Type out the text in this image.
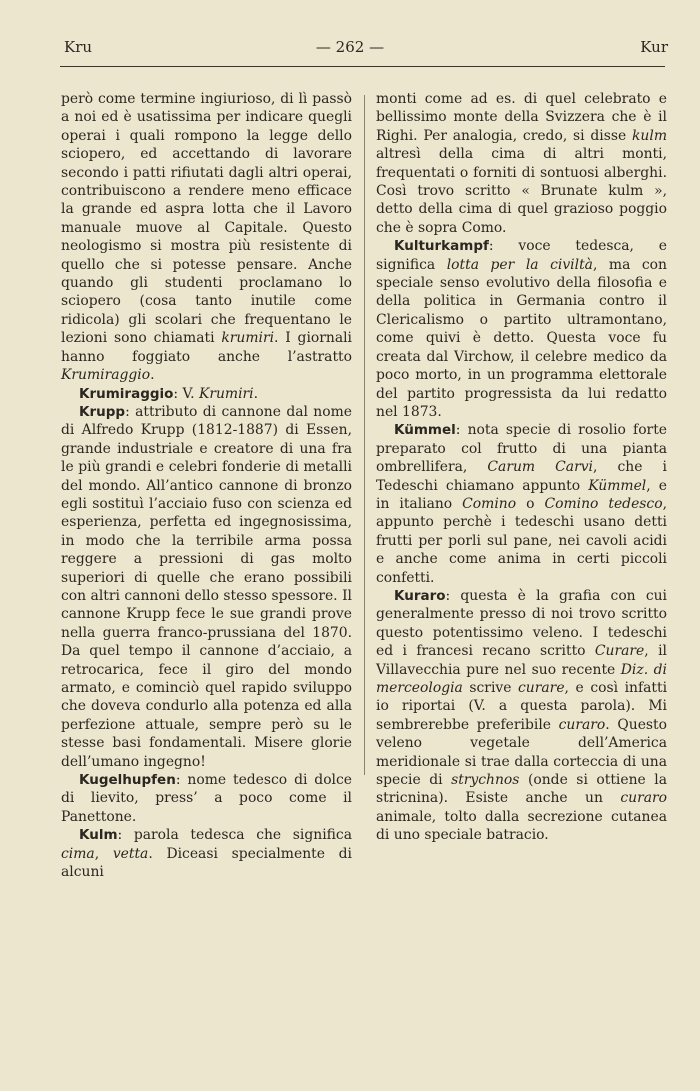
Kru	— 262 —	Kur

però come termine ingiurioso, di lì passò a noi ed è usatissima per indicare quegli operai i quali rompono la legge dello sciopero, ed accettando di lavorare secondo i patti rifiutati dagli altri operai, contribuiscono a rendere meno efficace la grande ed aspra lotta che il Lavoro manuale muove al Capitale. Questo neologismo si mostra più resistente di quello che si potesse pensare. Anche quando gli studenti proclamano lo sciopero (cosa tanto inutile come ridicola) gli scolari che frequentano le lezioni sono chiamati krumiri. I giornali hanno foggiato anche l’astratto Krumiraggio.

Krumiraggio: V. Krumiri.

Krupp: attributo di cannone dal nome di Alfredo Krupp (1812-1887) di Essen, grande industriale e creatore di una fra le più grandi e celebri fonderie di metalli del mondo. All’antico cannone di bronzo egli sostituì l’acciaio fuso con scienza ed esperienza, perfetta ed ingegnosissima, in modo che la terribile arma possa reggere a pressioni di gas molto superiori di quelle che erano possibili con altri cannoni dello stesso spessore. Il cannone Krupp fece le sue grandi prove nella guerra franco-prussiana del 1870. Da quel tempo il cannone d’acciaio, a retrocarica, fece il giro del mondo armato, e cominciò quel rapido sviluppo che doveva condurlo alla potenza ed alla perfezione attuale, sempre però su le stesse basi fondamentali. Misere glorie dell’umano ingegno!

Kugelhupfen: nome tedesco di dolce di lievito, press’ a poco come il Panettone.

Kulm: parola tedesca che significa cima, vetta. Diceasi specialmente di alcuni

monti come ad es. di quel celebrato e bellissimo monte della Svizzera che è il Righi. Per analogia, credo, si disse kulm altresì della cima di altri monti, frequentati o forniti di sontuosi alberghi. Così trovo scritto « Brunate kulm », detto della cima di quel grazioso poggio che è sopra Como.

Kulturkampf: voce tedesca, e significa lotta per la civiltà, ma con speciale senso evolutivo della filosofia e della politica in Germania contro il Clericalismo o partito ultramontano, come quivi è detto. Questa voce fu creata dal Virchow, il celebre medico da poco morto, in un programma elettorale del partito progressista da lui redatto nel 1873.

Kümmel: nota specie di rosolio forte preparato col frutto di una pianta ombrellifera, Carum Carvi, che i Tedeschi chiamano appunto Kümmel, e in italiano Comino o Comino tedesco, appunto perchè i tedeschi usano detti frutti per porli sul pane, nei cavoli acidi e anche come anima in certi piccoli confetti.

Kuraro: questa è la grafia con cui generalmente presso di noi trovo scritto questo potentissimo veleno. I tedeschi ed i francesi recano scritto Curare, il Villavecchia pure nel suo recente Diz. di merceologia scrive curare, e così infatti io riportai (V. a questa parola). Mi sembrerebbe preferibile curaro. Questo veleno vegetale dell’America meridionale si trae dalla corteccia di una specie di strychnos (onde si ottiene la stricnina). Esiste anche un curaro animale, tolto dalla secrezione cutanea di uno speciale batracio.
